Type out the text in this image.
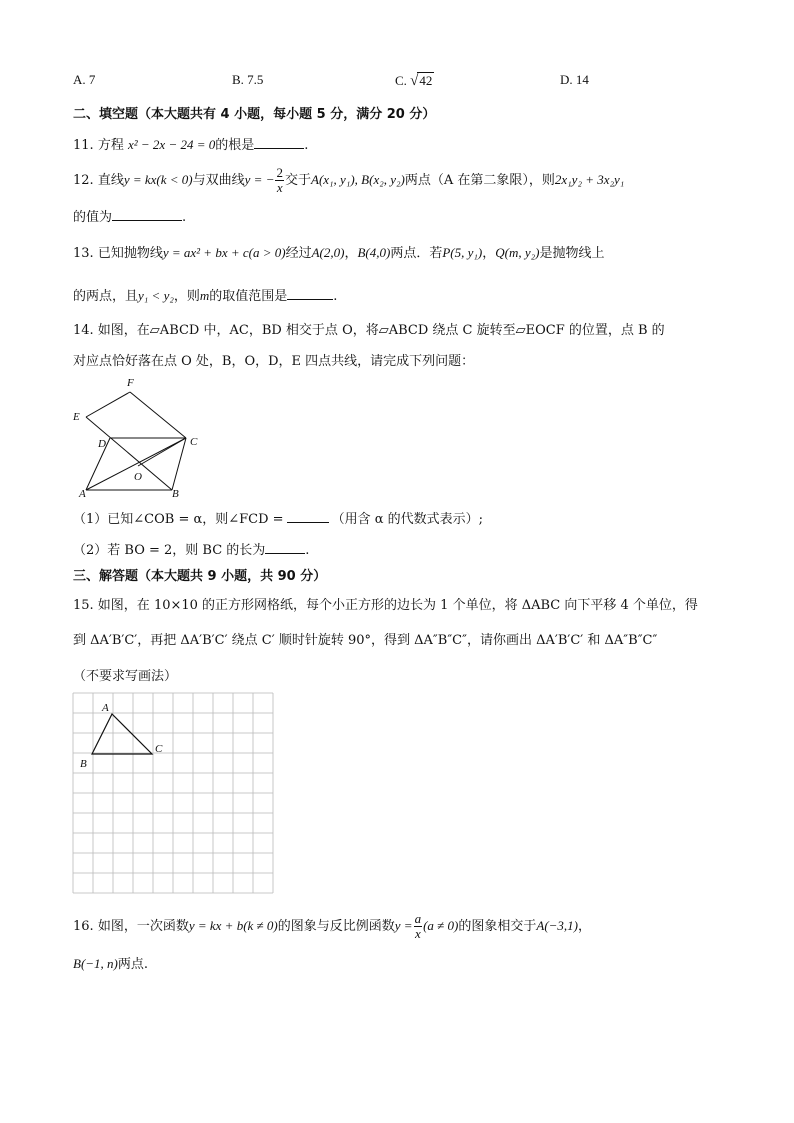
A. 7	B. 7.5	C. √42	D. 14
二、填空题（本大题共有 4 小题，每小题 5 分，满分 20 分）
11. 方程 x² − 2x − 24 = 0的根是	.
12. 直线y = kx(k < 0)与双曲线y = − $\frac{2}{x}$ 交于A(x₁, y₁), B(x₂, y₂)两点（A 在第二象限），则2x₁y₂ + 3x₂y₁
的值为	.
13. 已知抛物线y = ax² + bx + c(a > 0)经过A(2,0)，B(4,0)两点．若P(5, y₁)，Q(m, y₂)是抛物线上
的两点，且y₁ < y₂，则m的取值范围是	.
14. 如图，在▱ABCD 中，AC，BD 相交于点 O，将▱ABCD 绕点 C 旋转至▱EOCF 的位置，点 B 的
对应点恰好落在点 O 处，B，O，D，E 四点共线，请完成下列问题：
F
E
D	C
O
A	B
（1）已知∠COB = α，则∠FCD =	（用含 α 的代数式表示）;
（2）若 BO = 2，则 BC 的长为	.
三、解答题（本大题共 9 小题，共 90 分）
15. 如图，在 10×10 的正方形网格纸，每个小正方形的边长为 1 个单位，将 ΔABC 向下平移 4 个单位，得
到 ΔA′B′C′，再把 ΔA′B′C′ 绕点 C′ 顺时针旋转 90°，得到 ΔA″B″C″，请你画出 ΔA′B′C′ 和 ΔA″B″C″
（不要求写画法）
A
B
C
16. 如图，一次函数y = kx + b(k ≠ 0)的图象与反比例函数$y = \frac{a}{x} (a \ne 0)$的图象相交于A(−3,1)，
B(−1, n)两点.
